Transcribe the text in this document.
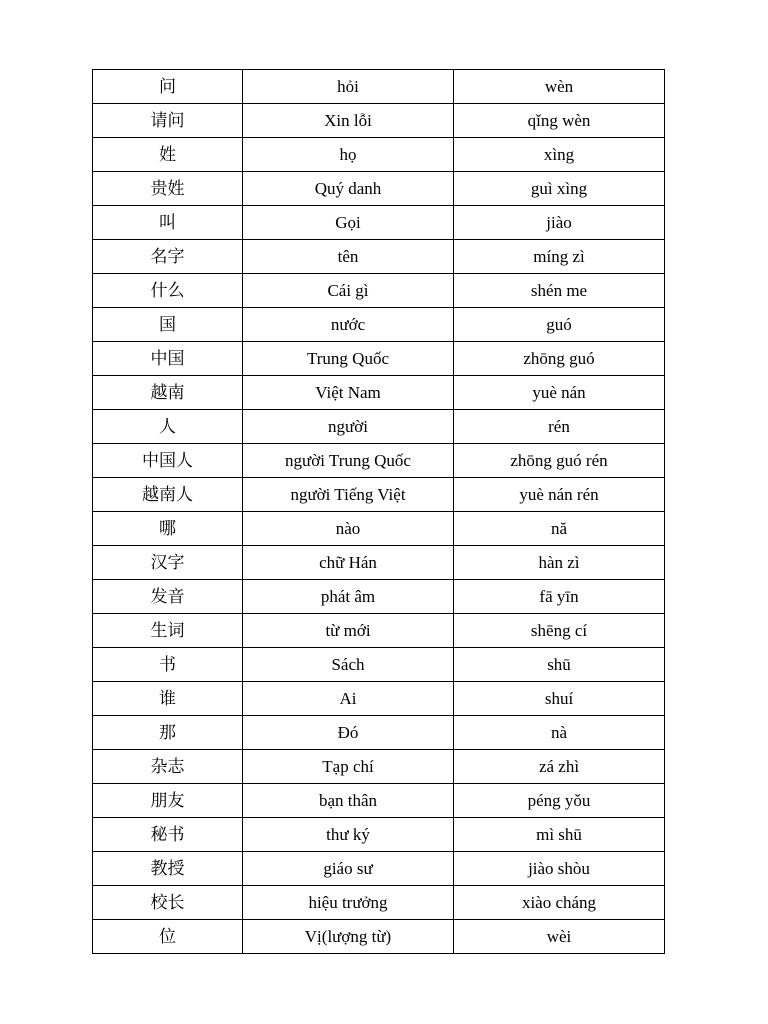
问	hỏi	wèn
请问	Xin lỗi	qǐng wèn
姓	họ	xìng
贵姓	Quý danh	guì xìng
叫	Gọi	jiào
名字	tên	míng zì
什么	Cái gì	shén me
国	nước	guó
中国	Trung Quốc	zhōng guó
越南	Việt Nam	yuè nán
人	người	rén
中国人	người Trung Quốc	zhōng guó rén
越南人	người Tiếng Việt	yuè nán rén
哪	nào	nă
汉字	chữ Hán	hàn zì
发音	phát âm	fā yīn
生词	từ mới	shēng cí
书	Sách	shū
谁	Ai	shuí
那	Đó	nà
杂志	Tạp chí	zá zhì
朋友	bạn thân	péng yǒu
秘书	thư ký	mì shū
教授	giáo sư	jiào shòu
校长	hiệu trưởng	xiào cháng
位	Vị(lượng từ)	wèi
